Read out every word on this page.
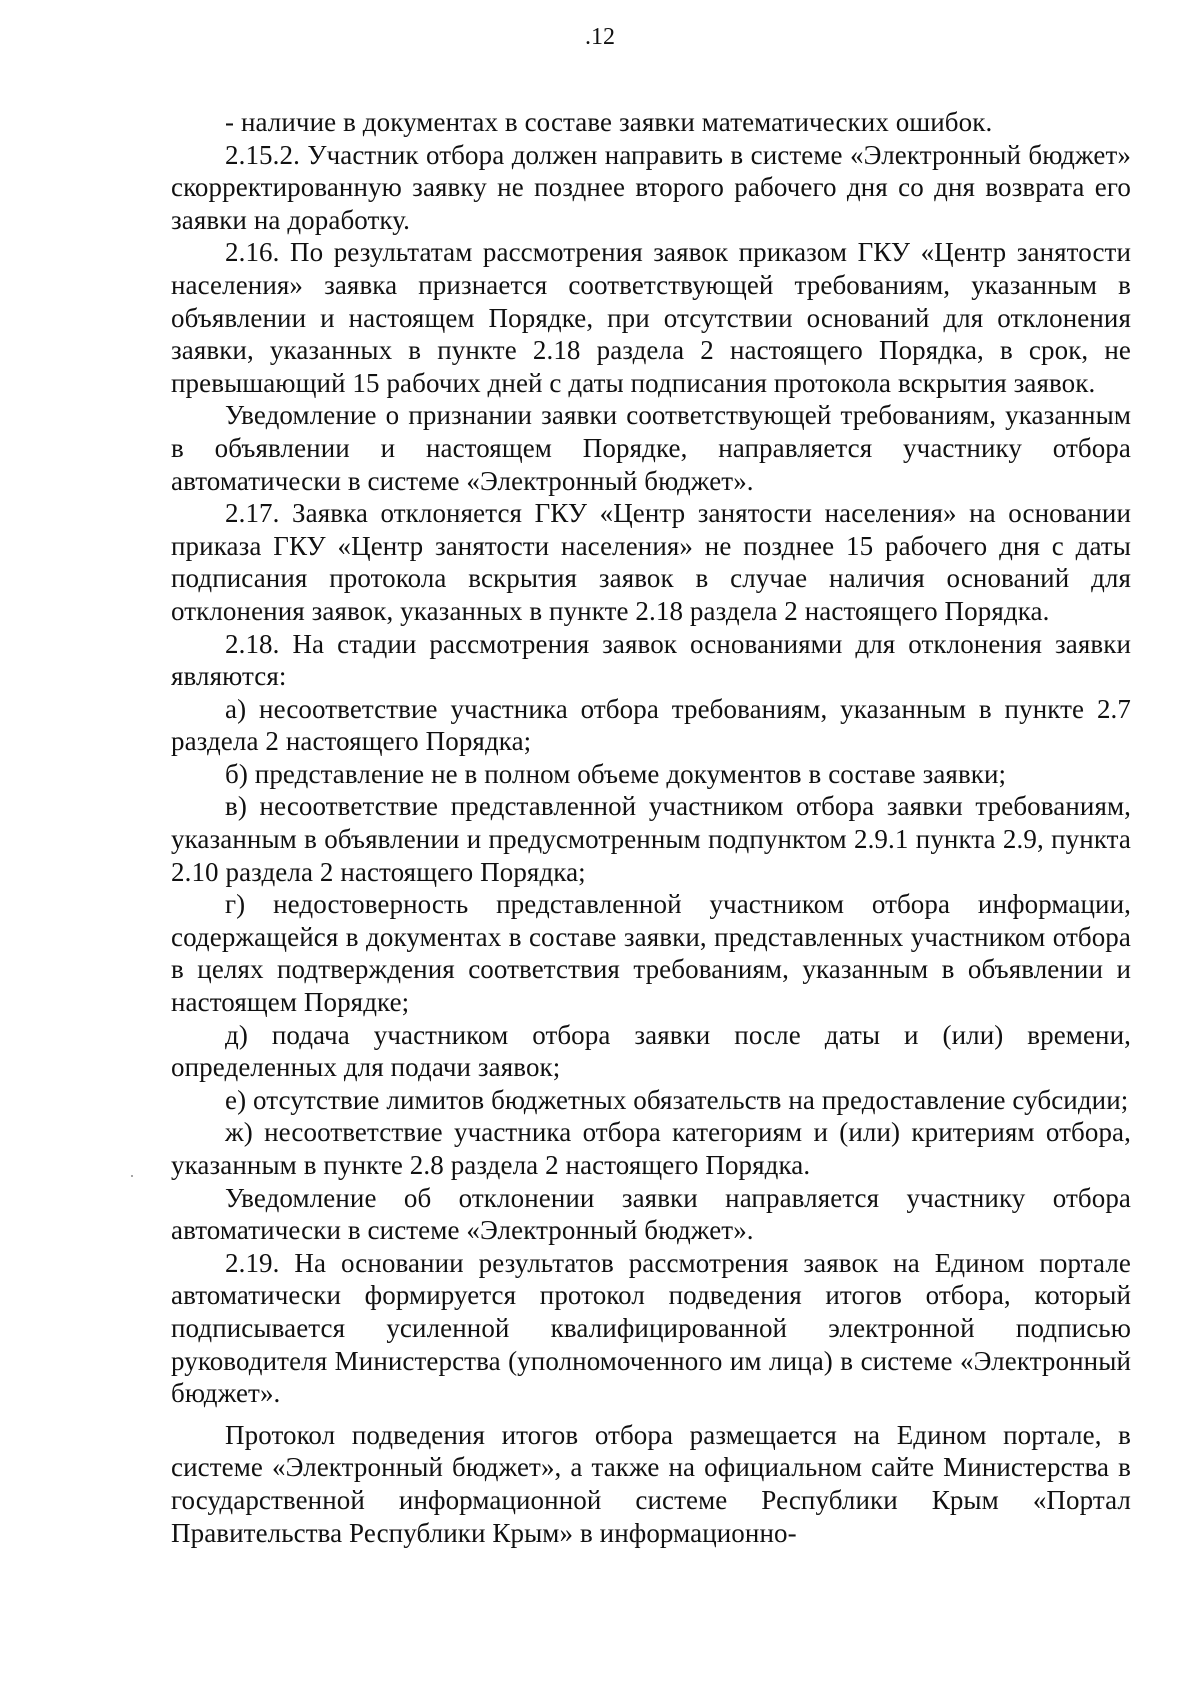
.12

- наличие в документах в составе заявки математических ошибок.

2.15.2. Участник отбора должен направить в системе «Электронный бюджет» скорректированную заявку не позднее второго рабочего дня со дня возврата его заявки на доработку.

2.16. По результатам рассмотрения заявок приказом ГКУ «Центр занятости населения» заявка признается соответствующей требованиям, указанным в объявлении и настоящем Порядке, при отсутствии оснований для отклонения заявки, указанных в пункте 2.18 раздела 2 настоящего Порядка, в срок, не превышающий 15 рабочих дней с даты подписания протокола вскрытия заявок.

Уведомление о признании заявки соответствующей требованиям, указанным в объявлении и настоящем Порядке, направляется участнику отбора автоматически в системе «Электронный бюджет».

2.17. Заявка отклоняется ГКУ «Центр занятости населения» на основании приказа ГКУ «Центр занятости населения» не позднее 15 рабочего дня с даты подписания протокола вскрытия заявок в случае наличия оснований для отклонения заявок, указанных в пункте 2.18 раздела 2 настоящего Порядка.

2.18. На стадии рассмотрения заявок основаниями для отклонения заявки являются:

а) несоответствие участника отбора требованиям, указанным в пункте 2.7 раздела 2 настоящего Порядка;

б) представление не в полном объеме документов в составе заявки;

в) несоответствие представленной участником отбора заявки требованиям, указанным в объявлении и предусмотренным подпунктом 2.9.1 пункта 2.9, пункта 2.10 раздела 2 настоящего Порядка;

г) недостоверность представленной участником отбора информации, содержащейся в документах в составе заявки, представленных участником отбора в целях подтверждения соответствия требованиям, указанным в объявлении и настоящем Порядке;

д) подача участником отбора заявки после даты и (или) времени, определенных для подачи заявок;

е) отсутствие лимитов бюджетных обязательств на предоставление субсидии;

ж) несоответствие участника отбора категориям и (или) критериям отбора, указанным в пункте 2.8 раздела 2 настоящего Порядка.

Уведомление об отклонении заявки направляется участнику отбора автоматически в системе «Электронный бюджет».

2.19. На основании результатов рассмотрения заявок на Едином портале автоматически формируется протокол подведения итогов отбора, который подписывается усиленной квалифицированной электронной подписью руководителя Министерства (уполномоченного им лица) в системе «Электронный бюджет».

Протокол подведения итогов отбора размещается на Едином портале, в системе «Электронный бюджет», а также на официальном сайте Министерства в государственной информационной системе Республики Крым «Портал Правительства Республики Крым» в информационно-
